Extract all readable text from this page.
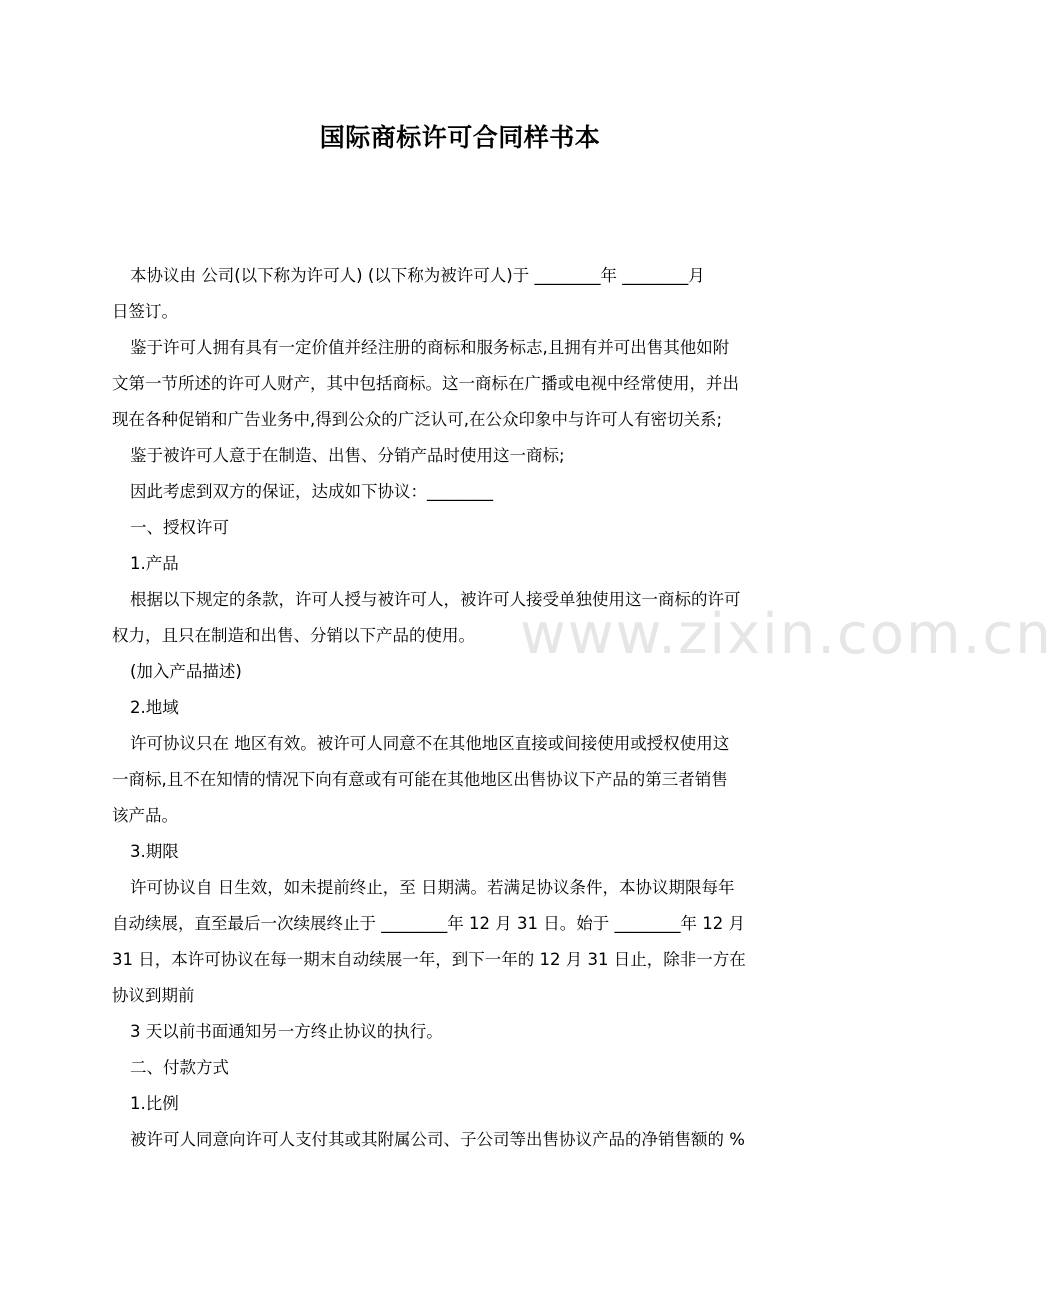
国际商标许可合同样书本
www.zixin.com.cn
本协议由 公司(以下称为许可人) (以下称为被许可人)于 ________年 ________月
日签订。
鉴于许可人拥有具有一定价值并经注册的商标和服务标志,且拥有并可出售其他如附
文第一节所述的许可人财产，其中包括商标。这一商标在广播或电视中经常使用，并出
现在各种促销和广告业务中,得到公众的广泛认可,在公众印象中与许可人有密切关系;
鉴于被许可人意于在制造、出售、分销产品时使用这一商标;
因此考虑到双方的保证，达成如下协议：________
一、授权许可
1.产品
根据以下规定的条款，许可人授与被许可人，被许可人接受单独使用这一商标的许可
权力，且只在制造和出售、分销以下产品的使用。
(加入产品描述)
2.地域
许可协议只在 地区有效。被许可人同意不在其他地区直接或间接使用或授权使用这
一商标,且不在知情的情况下向有意或有可能在其他地区出售协议下产品的第三者销售
该产品。
3.期限
许可协议自 日生效，如未提前终止，至 日期满。若满足协议条件，本协议期限每年
自动续展，直至最后一次续展终止于 ________年 12 月 31 日。始于 ________年 12 月
31 日，本许可协议在每一期末自动续展一年，到下一年的 12 月 31 日止，除非一方在
协议到期前
3 天以前书面通知另一方终止协议的执行。
二、付款方式
1.比例
被许可人同意向许可人支付其或其附属公司、子公司等出售协议产品的净销售额的 %
